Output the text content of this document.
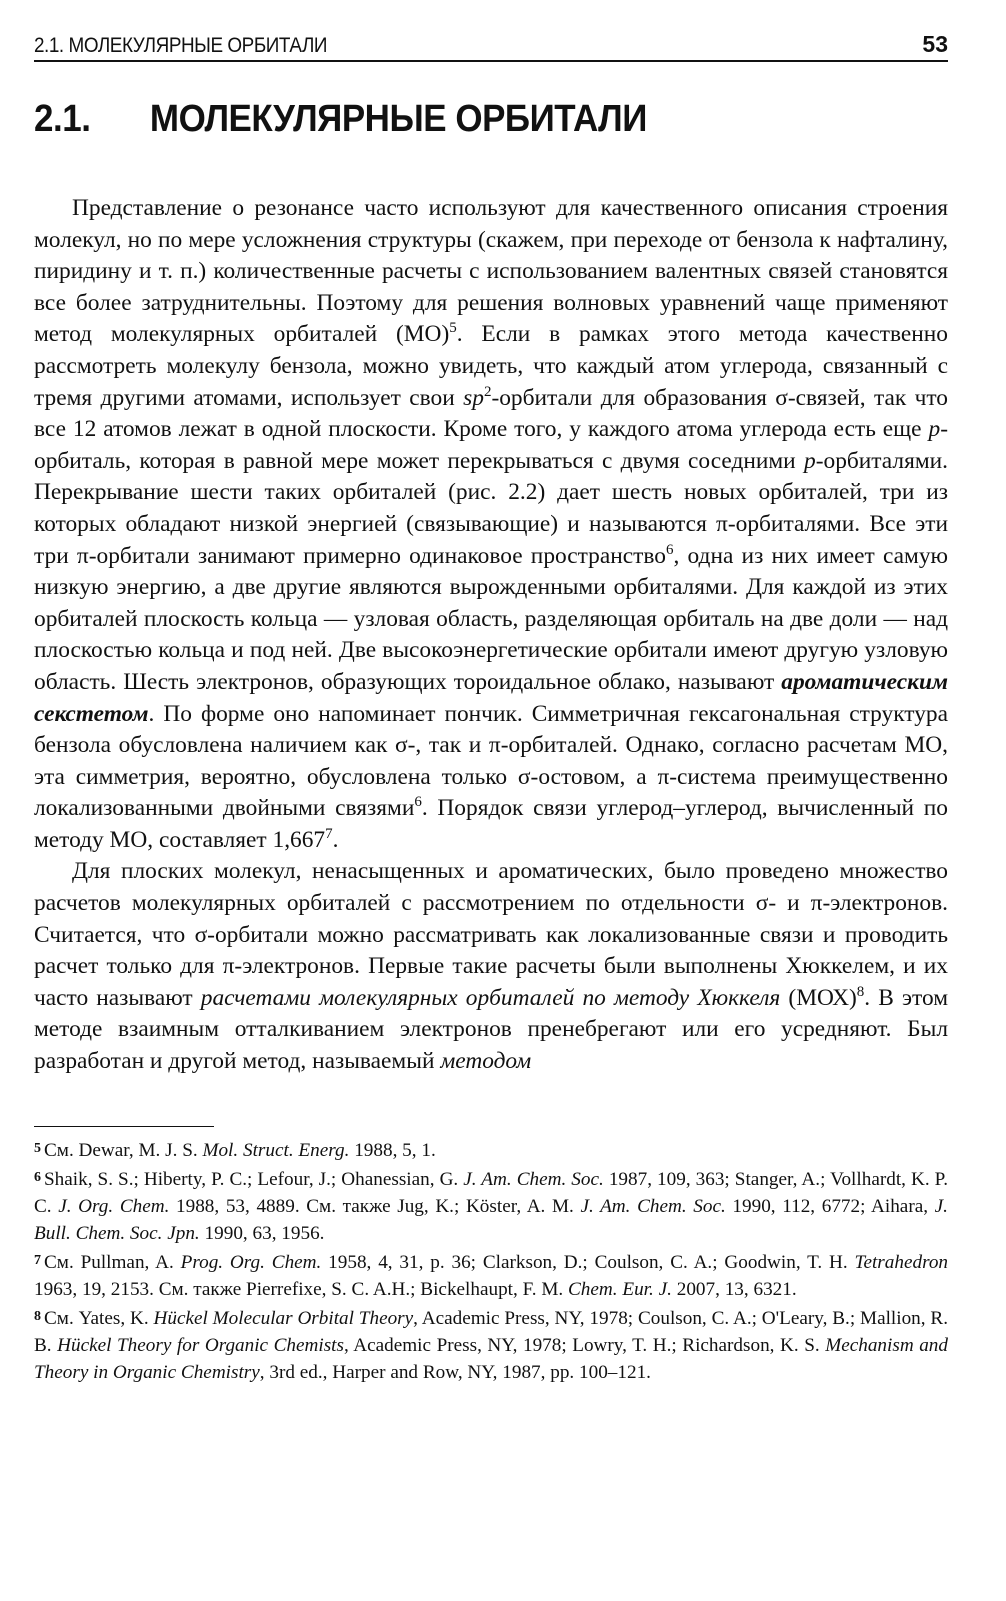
2.1. МОЛЕКУЛЯРНЫЕ ОРБИТАЛИ	53
2.1.	МОЛЕКУЛЯРНЫЕ ОРБИТАЛИ

Представление о резонансе часто используют для качественного описания строения молекул, но по мере усложнения структуры (скажем, при переходе от бензола к нафталину, пиридину и т. п.) количественные расчеты с использованием валентных связей становятся все более затруднительны. Поэтому для решения волновых уравнений чаще применяют метод молекулярных орбиталей (МО)$^5$. Если в рамках этого метода качественно рассмотреть молекулу бензола, можно увидеть, что каждый атом углерода, связанный с тремя другими атомами, использует свои $sp^2$-орбитали для образования σ-связей, так что все 12 атомов лежат в одной плоскости. Кроме того, у каждого атома углерода есть еще p-орбиталь, которая в равной мере может перекрываться с двумя соседними p-орбиталями. Перекрывание шести таких орбиталей (рис. 2.2) дает шесть новых орбиталей, три из которых обладают низкой энергией (связывающие) и называются π-орбиталями. Все эти три π-орбитали занимают примерно одинаковое пространство$^6$, одна из них имеет самую низкую энергию, а две другие являются вырожденными орбиталями. Для каждой из этих орбиталей плоскость кольца — узловая область, разделяющая орбиталь на две доли — над плоскостью кольца и под ней. Две высокоэнергетические орбитали имеют другую узловую область. Шесть электронов, образующих тороидальное облако, называют ароматическим секстетом. По форме оно напоминает пончик. Симметричная гексагональная структура бензола обусловлена наличием как σ-, так и π-орбиталей. Однако, согласно расчетам МО, эта симметрия, вероятно, обусловлена только σ-остовом, а π-система преимущественно локализованными двойными связями$^6$. Порядок связи углерод–углерод, вычисленный по методу МО, составляет 1,667$^7$.

Для плоских молекул, ненасыщенных и ароматических, было проведено множество расчетов молекулярных орбиталей с рассмотрением по отдельности σ- и π-электронов. Считается, что σ-орбитали можно рассматривать как локализованные связи и проводить расчет только для π-электронов. Первые такие расчеты были выполнены Хюккелем, и их часто называют расчетами молекулярных орбиталей по методу Хюккеля (МОХ)$^8$. В этом методе взаимным отталкиванием электронов пренебрегают или его усредняют. Был разработан и другой метод, называемый методом

$^5$ См. Dewar, M. J. S. Mol. Struct. Energ. 1988, 5, 1.

$^6$ Shaik, S. S.; Hiberty, P. C.; Lefour, J.; Ohanessian, G. J. Am. Chem. Soc. 1987, 109, 363; Stanger, A.; Vollhardt, K. P. C. J. Org. Chem. 1988, 53, 4889. См. также Jug, K.; Köster, A. M. J. Am. Chem. Soc. 1990, 112, 6772; Aihara, J. Bull. Chem. Soc. Jpn. 1990, 63, 1956.

$^7$ См. Pullman, A. Prog. Org. Chem. 1958, 4, 31, p. 36; Clarkson, D.; Coulson, C. A.; Goodwin, T. H. Tetrahedron 1963, 19, 2153. См. также Pierrefixe, S. C. A.H.; Bickelhaupt, F. M. Chem. Eur. J. 2007, 13, 6321.

$^8$ См. Yates, K. Hückel Molecular Orbital Theory, Academic Press, NY, 1978; Coulson, C. A.; O'Leary, B.; Mallion, R. B. Hückel Theory for Organic Chemists, Academic Press, NY, 1978; Lowry, T. H.; Richardson, K. S. Mechanism and Theory in Organic Chemistry, 3rd ed., Harper and Row, NY, 1987, pp. 100–121.
